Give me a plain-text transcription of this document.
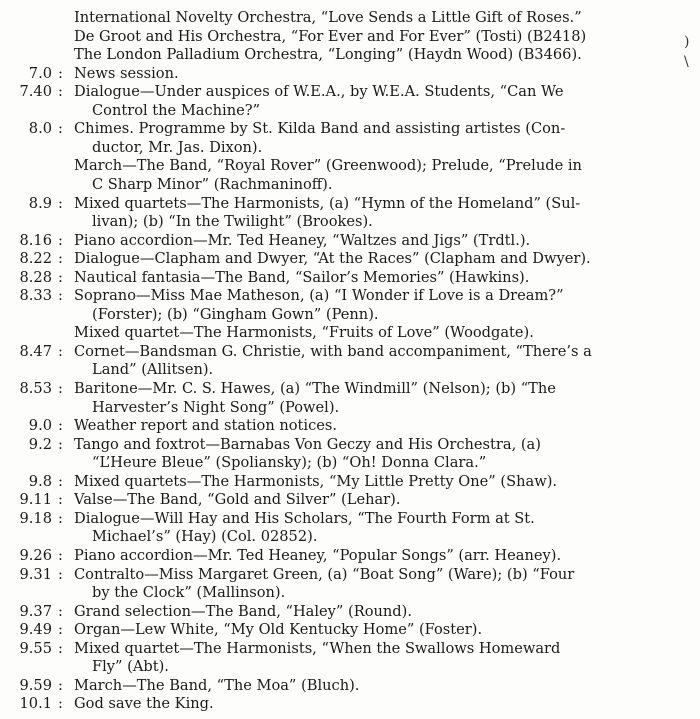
International Novelty Orchestra, “Love Sends a Little Gift of Roses.”
De Groot and His Orchestra, “For Ever and For Ever” (Tosti) (B2418)
The London Palladium Orchestra, “Longing” (Haydn Wood) (B3466).
7.0 : News session.
7.40 : Dialogue—Under auspices of W.E.A., by W.E.A. Students, “Can We
Control the Machine?”
8.0 : Chimes. Programme by St. Kilda Band and assisting artistes (Con-
ductor, Mr. Jas. Dixon).
March—The Band, “Royal Rover” (Greenwood); Prelude, “Prelude in
C Sharp Minor” (Rachmaninoff).
8.9 : Mixed quartets—The Harmonists, (a) “Hymn of the Homeland” (Sul-
livan); (b) “In the Twilight” (Brookes).
8.16 : Piano accordion—Mr. Ted Heaney, “Waltzes and Jigs” (Trdtl.).
8.22 : Dialogue—Clapham and Dwyer, “At the Races” (Clapham and Dwyer).
8.28 : Nautical fantasia—The Band, “Sailor’s Memories” (Hawkins).
8.33 : Soprano—Miss Mae Matheson, (a) “I Wonder if Love is a Dream?”
(Forster); (b) “Gingham Gown” (Penn).
Mixed quartet—The Harmonists, “Fruits of Love” (Woodgate).
8.47 : Cornet—Bandsman G. Christie, with band accompaniment, “There’s a
Land” (Allitsen).
8.53 : Baritone—Mr. C. S. Hawes, (a) “The Windmill” (Nelson); (b) “The
Harvester’s Night Song” (Powel).
9.0 : Weather report and station notices.
9.2 : Tango and foxtrot—Barnabas Von Geczy and His Orchestra, (a)
“L’Heure Bleue” (Spoliansky); (b) “Oh! Donna Clara.”
9.8 : Mixed quartets—The Harmonists, “My Little Pretty One” (Shaw).
9.11 : Valse—The Band, “Gold and Silver” (Lehar).
9.18 : Dialogue—Will Hay and His Scholars, “The Fourth Form at St.
Michael’s” (Hay) (Col. 02852).
9.26 : Piano accordion—Mr. Ted Heaney, “Popular Songs” (arr. Heaney).
9.31 : Contralto—Miss Margaret Green, (a) “Boat Song” (Ware); (b) “Four
by the Clock” (Mallinson).
9.37 : Grand selection—The Band, “Haley” (Round).
9.49 : Organ—Lew White, “My Old Kentucky Home” (Foster).
9.55 : Mixed quartet—The Harmonists, “When the Swallows Homeward
Fly” (Abt).
9.59 : March—The Band, “The Moa” (Bluch).
10.1 : God save the King.
)
\
